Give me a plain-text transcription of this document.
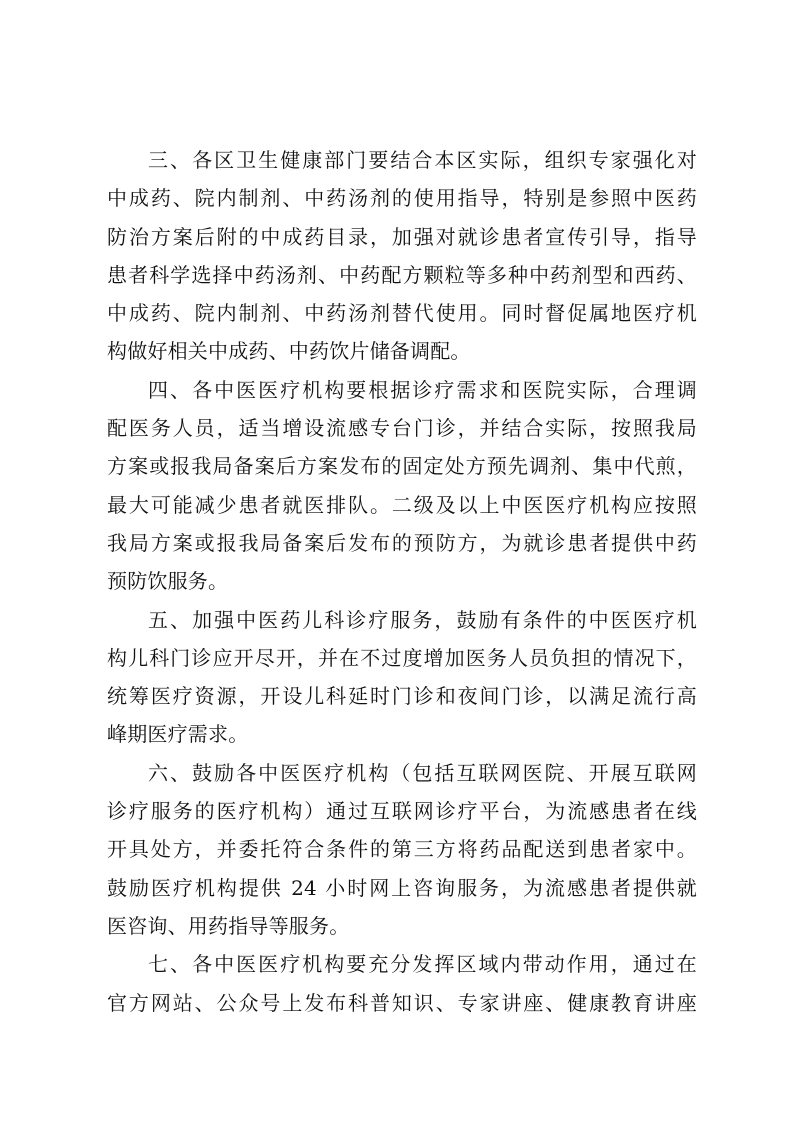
三、各区卫生健康部门要结合本区实际，组织专家强化对
中成药、院内制剂、中药汤剂的使用指导，特别是参照中医药
防治方案后附的中成药目录，加强对就诊患者宣传引导，指导
患者科学选择中药汤剂、中药配方颗粒等多种中药剂型和西药、
中成药、院内制剂、中药汤剂替代使用。同时督促属地医疗机
构做好相关中成药、中药饮片储备调配。
四、各中医医疗机构要根据诊疗需求和医院实际，合理调
配医务人员，适当增设流感专台门诊，并结合实际，按照我局
方案或报我局备案后方案发布的固定处方预先调剂、集中代煎，
最大可能减少患者就医排队。二级及以上中医医疗机构应按照
我局方案或报我局备案后发布的预防方，为就诊患者提供中药
预防饮服务。
五、加强中医药儿科诊疗服务，鼓励有条件的中医医疗机
构儿科门诊应开尽开，并在不过度增加医务人员负担的情况下，
统筹医疗资源，开设儿科延时门诊和夜间门诊，以满足流行高
峰期医疗需求。
六、鼓励各中医医疗机构（包括互联网医院、开展互联网
诊疗服务的医疗机构）通过互联网诊疗平台，为流感患者在线
开具处方，并委托符合条件的第三方将药品配送到患者家中。
鼓励医疗机构提供 24 小时网上咨询服务，为流感患者提供就
医咨询、用药指导等服务。
七、各中医医疗机构要充分发挥区域内带动作用，通过在
官方网站、公众号上发布科普知识、专家讲座、健康教育讲座
